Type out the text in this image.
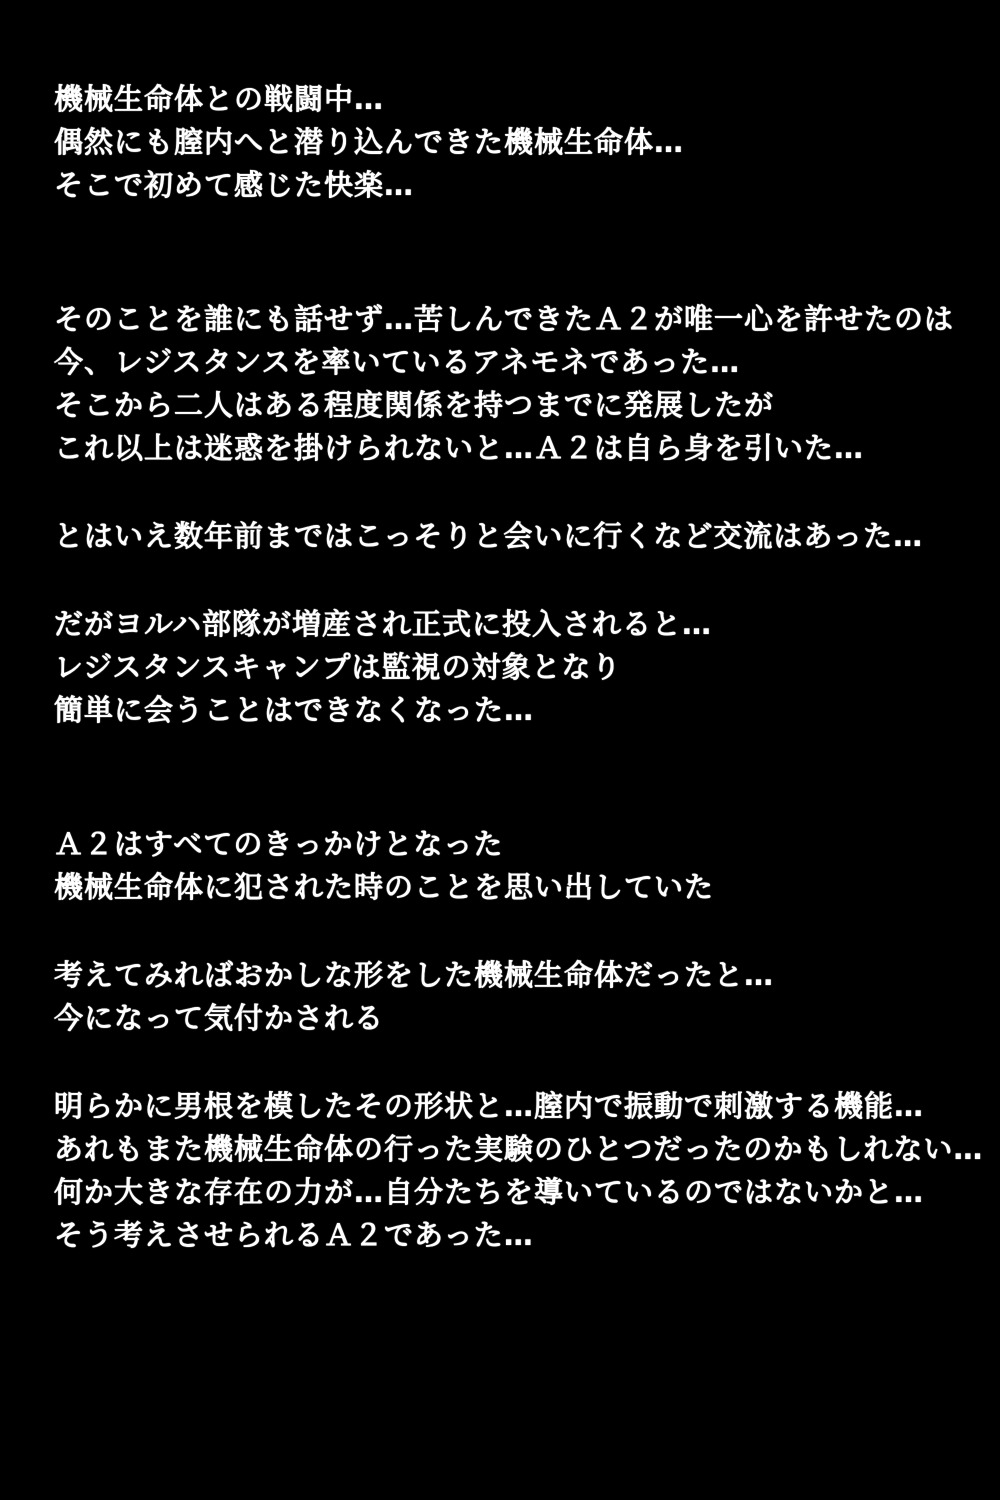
機械生命体との戦闘中…
偶然にも膣内へと潜り込んできた機械生命体…
そこで初めて感じた快楽…
そのことを誰にも話せず…苦しんできたＡ２が唯一心を許せたのは
今、レジスタンスを率いているアネモネであった…
そこから二人はある程度関係を持つまでに発展したが
これ以上は迷惑を掛けられないと…Ａ２は自ら身を引いた…
とはいえ数年前まではこっそりと会いに行くなど交流はあった…
だがヨルハ部隊が増産され正式に投入されると…
レジスタンスキャンプは監視の対象となり
簡単に会うことはできなくなった…
Ａ２はすべてのきっかけとなった
機械生命体に犯された時のことを思い出していた
考えてみればおかしな形をした機械生命体だったと…
今になって気付かされる
明らかに男根を模したその形状と…膣内で振動で刺激する機能…
あれもまた機械生命体の行った実験のひとつだったのかもしれない…
何か大きな存在の力が…自分たちを導いているのではないかと…
そう考えさせられるＡ２であった…
